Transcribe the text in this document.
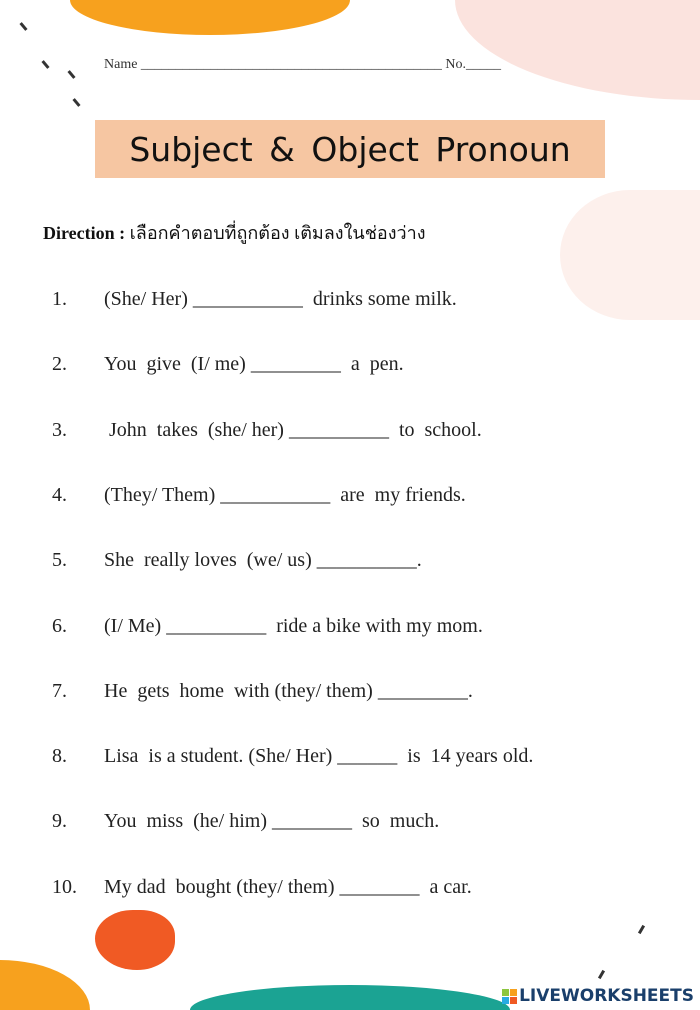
Name ___________________________________________ No._____
Subject & Object Pronoun
Direction : เลือกคำตอบที่ถูกต้อง เติมลงในช่องว่าง
1. (She/ Her) ___________  drinks some milk.
2. You  give  (I/ me) _________  a  pen.
3. John  takes  (she/ her) __________  to  school.
4. (They/ Them) ___________  are  my friends.
5. She  really loves  (we/ us) __________.
6. (I/ Me) __________  ride a bike with my mom.
7. He  gets  home  with (they/ them) _________.
8. Lisa  is a student. (She/ Her) ______  is  14 years old.
9. You  miss  (he/ him) ________  so  much.
10. My dad  bought (they/ them) ________  a car.
LIVEWORKSHEETS
